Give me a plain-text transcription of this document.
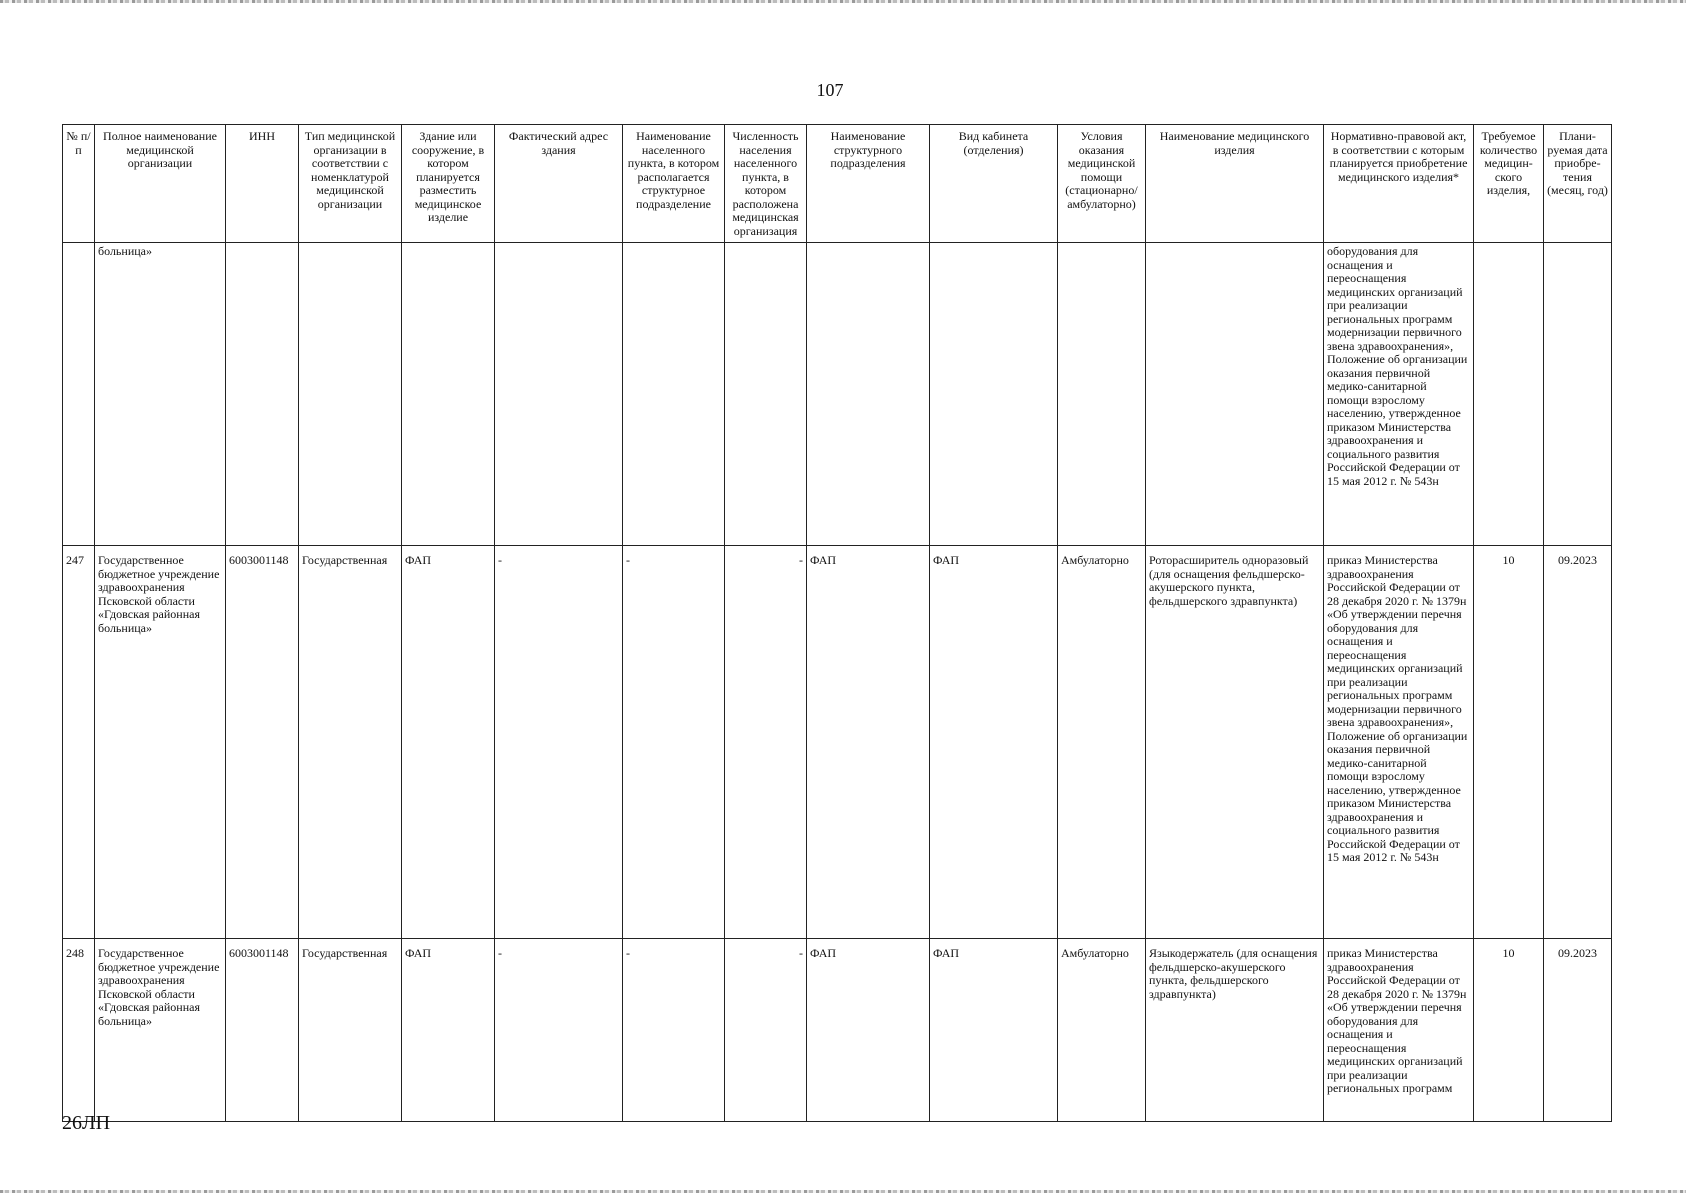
107
№ п/п	Полное наименование медицинской организации	ИНН	Тип медицинской организации в соответствии с номенклатурой медицинской организации	Здание или сооружение, в котором планируется разместить медицинское изделие	Фактический адрес здания	Наименование населенного пункта, в котором располагается структурное подразделение	Численность населения населенного пункта, в котором расположена медицинская организация	Наименование структурного подразделения	Вид кабинета (отделения)	Условия оказания медицинской помощи (стационарно/ амбулаторно)	Наименование медицинского изделия	Нормативно-правовой акт, в соответствии с которым планируется приобретение медицинского изделия*	Требуемое количество медицин-ского изделия,	Плани-руемая дата приобре-тения (месяц, год)
	больница»											оборудования для оснащения и переоснащения медицинских организаций при реализации региональных программ модернизации первичного звена здравоохранения», Положение об организации оказания первичной медико-санитарной помощи взрослому населению, утвержденное приказом Министерства здравоохранения и социального развития Российской Федерации от 15 мая 2012 г. № 543н		
247	Государственное бюджетное учреждение здравоохранения Псковской области «Гдовская районная больница»	6003001148	Государственная	ФАП	-	-	-	ФАП	ФАП	Амбулаторно	Роторасширитель одноразовый (для оснащения фельдшерско-акушерского пункта, фельдшерского здравпункта)	приказ Министерства здравоохранения Российской Федерации от 28 декабря 2020 г. № 1379н «Об утверждении перечня оборудования для оснащения и переоснащения медицинских организаций при реализации региональных программ модернизации первичного звена здравоохранения», Положение об организации оказания первичной медико-санитарной помощи взрослому населению, утвержденное приказом Министерства здравоохранения и социального развития Российской Федерации от 15 мая 2012 г. № 543н	10	09.2023
248	Государственное бюджетное учреждение здравоохранения Псковской области «Гдовская районная больница»	6003001148	Государственная	ФАП	-	-	-	ФАП	ФАП	Амбулаторно	Языкодержатель (для оснащения фельдшерско-акушерского пункта, фельдшерского здравпункта)	приказ Министерства здравоохранения Российской Федерации от 28 декабря 2020 г. № 1379н «Об утверждении перечня оборудования для оснащения и переоснащения медицинских организаций при реализации региональных программ	10	09.2023
26ЛП
